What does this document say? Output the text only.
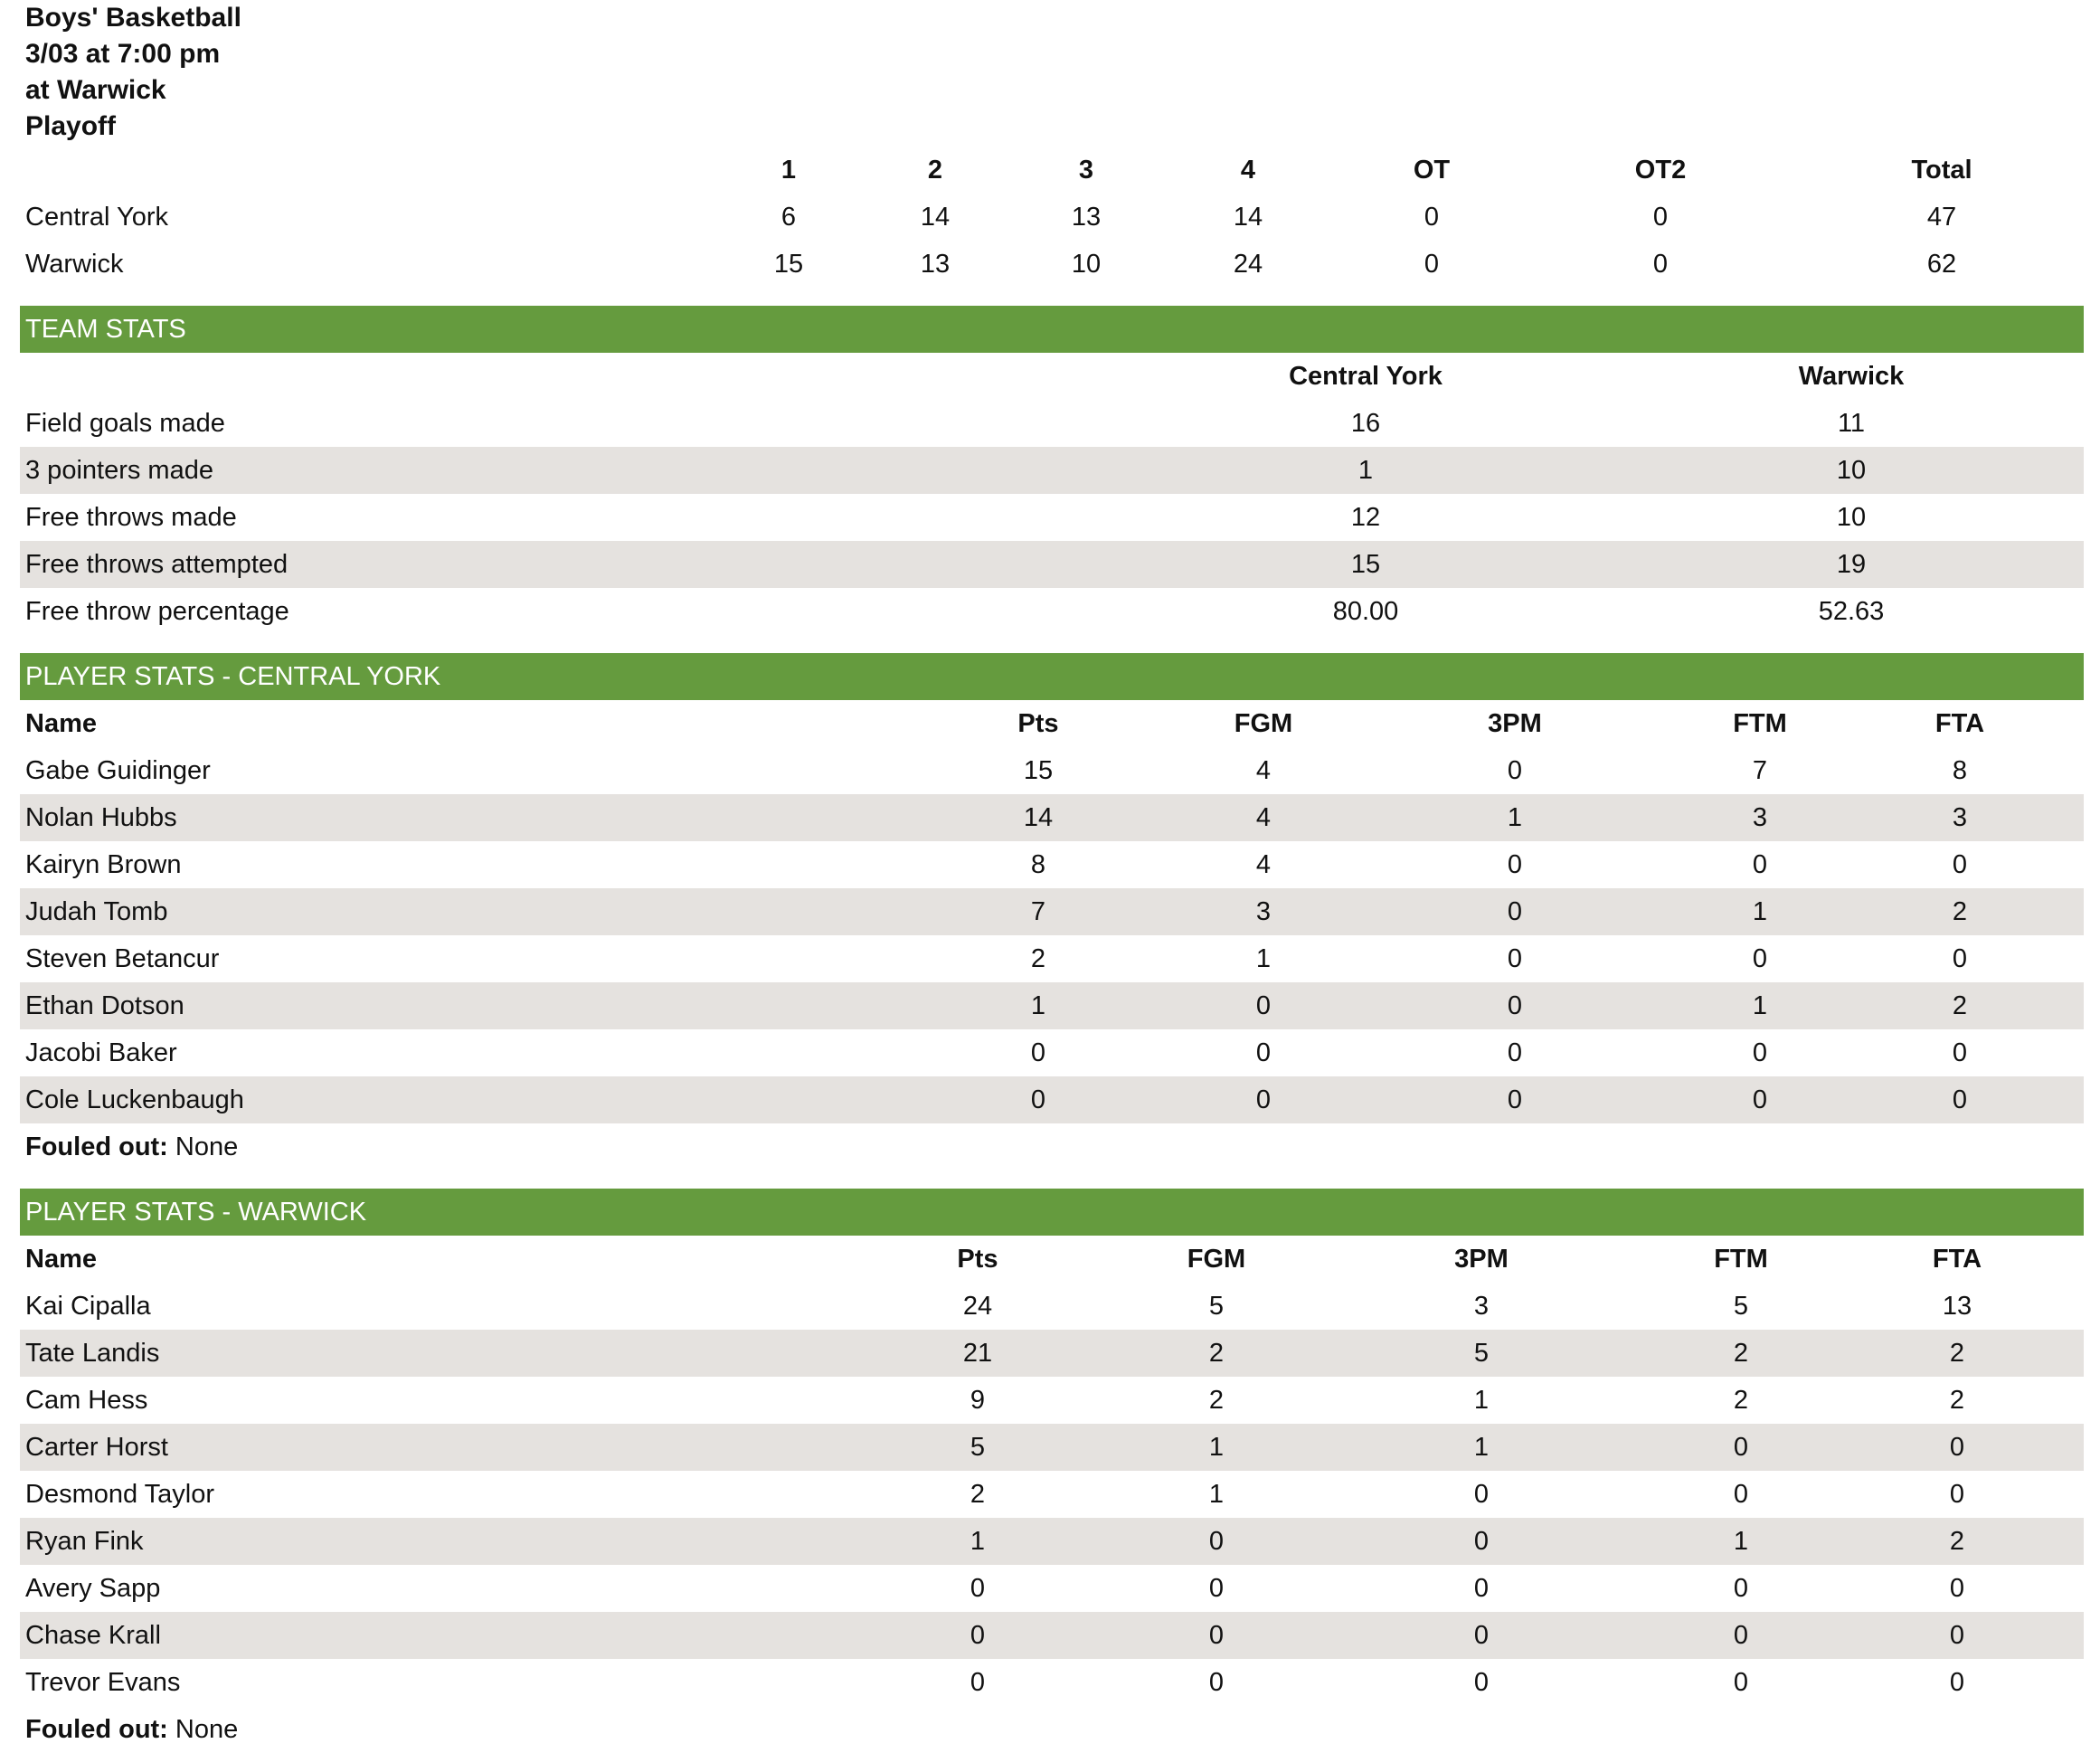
Boys' Basketball
3/03 at 7:00 pm
at Warwick
Playoff
	1	2	3	4	OT	OT2	Total
Central York	6	14	13	14	0	0	47
Warwick	15	13	10	24	0	0	62
TEAM STATS
	Central York	Warwick
Field goals made	16	11
3 pointers made	1	10
Free throws made	12	10
Free throws attempted	15	19
Free throw percentage	80.00	52.63
PLAYER STATS - CENTRAL YORK
Name	Pts	FGM	3PM	FTM	FTA
Gabe Guidinger	15	4	0	7	8
Nolan Hubbs	14	4	1	3	3
Kairyn Brown	8	4	0	0	0
Judah Tomb	7	3	0	1	2
Steven Betancur	2	1	0	0	0
Ethan Dotson	1	0	0	1	2
Jacobi Baker	0	0	0	0	0
Cole Luckenbaugh	0	0	0	0	0
Fouled out: None
PLAYER STATS - WARWICK
Name	Pts	FGM	3PM	FTM	FTA
Kai Cipalla	24	5	3	5	13
Tate Landis	21	2	5	2	2
Cam Hess	9	2	1	2	2
Carter Horst	5	1	1	0	0
Desmond Taylor	2	1	0	0	0
Ryan Fink	1	0	0	1	2
Avery Sapp	0	0	0	0	0
Chase Krall	0	0	0	0	0
Trevor Evans	0	0	0	0	0
Fouled out: None
